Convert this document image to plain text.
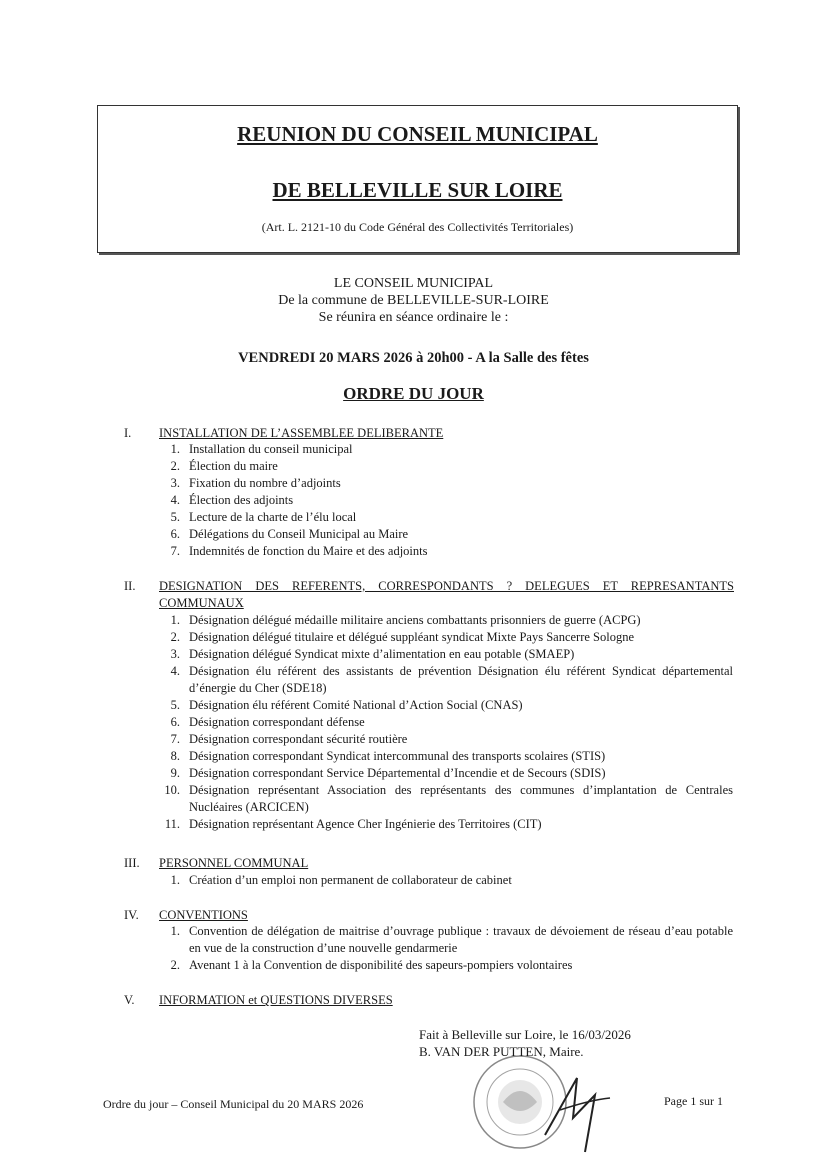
REUNION DU CONSEIL MUNICIPAL
DE BELLEVILLE SUR LOIRE
(Art. L. 2121-10 du Code Général des Collectivités Territoriales)
LE CONSEIL MUNICIPAL
De la commune de BELLEVILLE-SUR-LOIRE
Se réunira en séance ordinaire le :
VENDREDI 20 MARS 2026 à 20h00 - A la Salle des fêtes
ORDRE DU JOUR
I. INSTALLATION DE L’ASSEMBLEE DELIBERANTE
1. Installation du conseil municipal
2. Élection du maire
3. Fixation du nombre d’adjoints
4. Élection des adjoints
5. Lecture de la charte de l’élu local
6. Délégations du Conseil Municipal au Maire
7. Indemnités de fonction du Maire et des adjoints
II. DESIGNATION DES REFERENTS, CORRESPONDANTS ? DELEGUES ET REPRESANTANTS COMMUNAUX
1. Désignation délégué médaille militaire anciens combattants prisonniers de guerre (ACPG)
2. Désignation délégué titulaire et délégué suppléant syndicat Mixte Pays Sancerre Sologne
3. Désignation délégué Syndicat mixte d’alimentation en eau potable (SMAEP)
4. Désignation élu référent des assistants de prévention Désignation élu référent Syndicat départemental d’énergie du Cher (SDE18)
5. Désignation élu référent Comité National d’Action Social (CNAS)
6. Désignation correspondant défense
7. Désignation correspondant sécurité routière
8. Désignation correspondant Syndicat intercommunal des transports scolaires (STIS)
9. Désignation correspondant Service Départemental d’Incendie et de Secours (SDIS)
10. Désignation représentant Association des représentants des communes d’implantation de Centrales Nucléaires (ARCICEN)
11. Désignation représentant Agence Cher Ingénierie des Territoires (CIT)
III. PERSONNEL COMMUNAL
1. Création d’un emploi non permanent de collaborateur de cabinet
IV. CONVENTIONS
1. Convention de délégation de maitrise d’ouvrage publique : travaux de dévoiement de réseau d’eau potable en vue de la construction d’une nouvelle gendarmerie
2. Avenant 1 à la Convention de disponibilité des sapeurs-pompiers volontaires
V. INFORMATION et QUESTIONS DIVERSES
Fait à Belleville sur Loire, le 16/03/2026
B. VAN DER PUTTEN, Maire.
Ordre du jour – Conseil Municipal du 20 MARS 2026	Page 1 sur 1
